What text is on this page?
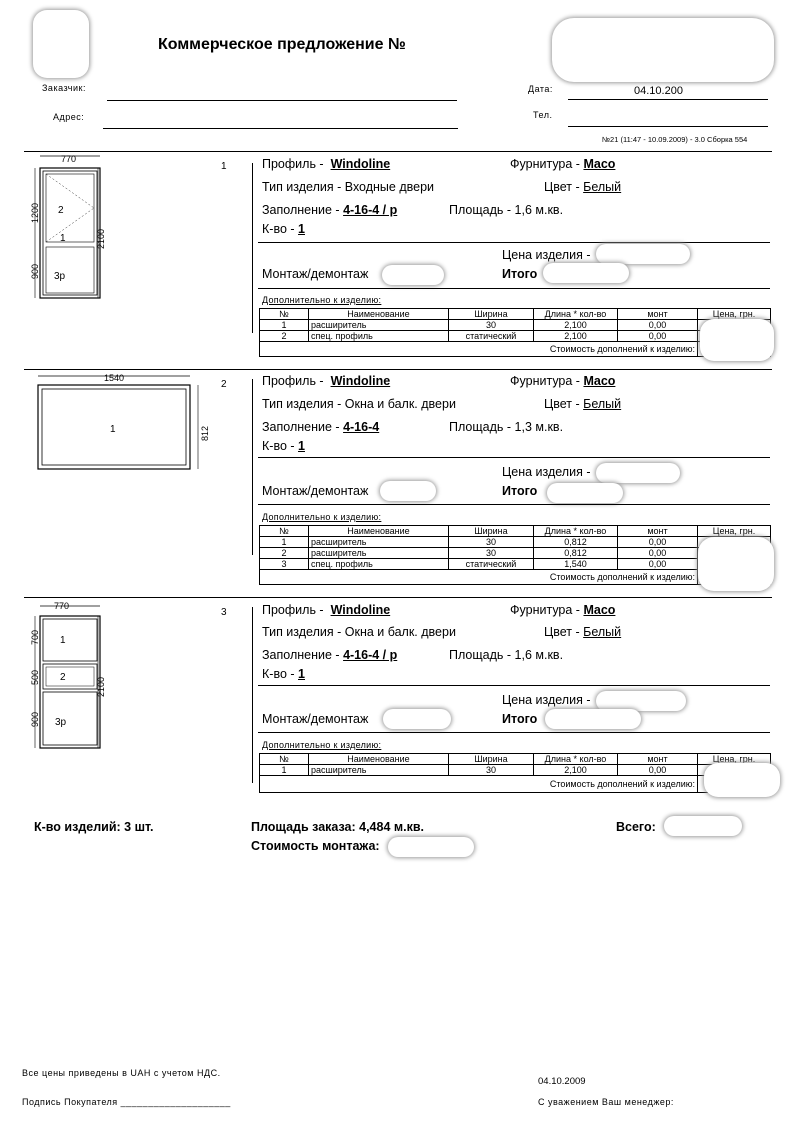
Коммерческое предложение №
Заказчик:
Адрес:
Дата:	04.10.200
Тел.
№21 (11:47 - 10.09.2009) - 3.0 Сборка 554
770
2
1
3р
1200
900
2100
1	Профиль - Windoline	Фурнитура - Maco
Тип изделия - Входные двери	Цвет - Белый
Заполнение - 4-16-4 / p	Площадь - 1,6 м.кв.
К-во - 1
Цена изделия -
Монтаж/демонтаж	Итого
Дополнительно к изделию:
№	Наименование	Ширина	Длина * кол-во	монт	Цена, грн.
1	расширитель	30	2,100	0,00	
2	спец. профиль	статический	2,100	0,00	
Стоимость дополнений к изделию:					
1540
1	812
2	Профиль - Windoline	Фурнитура - Maco
Тип изделия - Окна и балк. двери	Цвет - Белый
Заполнение - 4-16-4	Площадь - 1,3 м.кв.
К-во - 1
Цена изделия -
Монтаж/демонтаж	Итого
Дополнительно к изделию:
№	Наименование	Ширина	Длина * кол-во	монт	Цена, грн.
1	расширитель	30	0,812	0,00	
2	расширитель	30	0,812	0,00	
3	спец. профиль	статический	1,540	0,00	
Стоимость дополнений к изделию:					
770
1
2
3р
700
500
900
2100
3	Профиль - Windoline	Фурнитура - Maco
Тип изделия - Окна и балк. двери	Цвет - Белый
Заполнение - 4-16-4 / p	Площадь - 1,6 м.кв.
К-во - 1
Цена изделия -
Монтаж/демонтаж	Итого
Дополнительно к изделию:
№	Наименование	Ширина	Длина * кол-во	монт	Цена, грн.
1	расширитель	30	2,100	0,00	
Стоимость дополнений к изделию:					
К-во изделий: 3 шт.	Площадь заказа: 4,484 м.кв.	Всего:
Стоимость монтажа:
Все цены приведены в UAH с учетом НДС.
04.10.2009
Подпись Покупателя ____________________	С уважением Ваш менеджер:
